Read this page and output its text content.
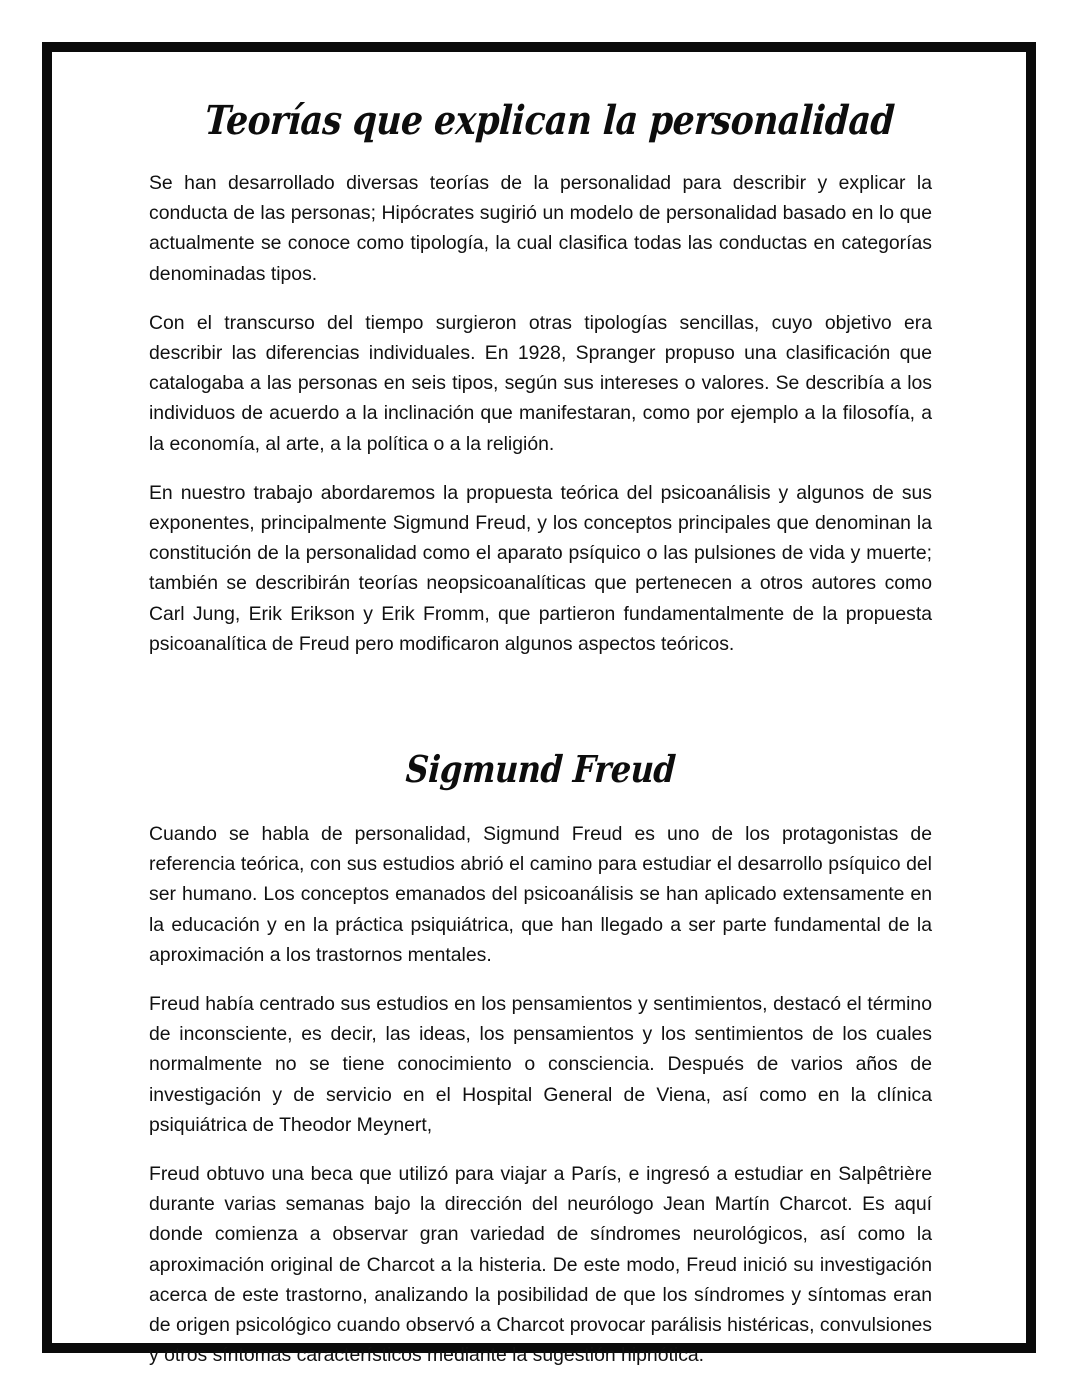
Teorías que explican la personalidad

Se han desarrollado diversas teorías de la personalidad para describir y explicar la conducta de las personas; Hipócrates sugirió un modelo de personalidad basado en lo que actualmente se conoce como tipología, la cual clasifica todas las conductas en categorías denominadas tipos.

Con el transcurso del tiempo surgieron otras tipologías sencillas, cuyo objetivo era describir las diferencias individuales. En 1928, Spranger propuso una clasificación que catalogaba a las personas en seis tipos, según sus intereses o valores. Se describía a los individuos de acuerdo a la inclinación que manifestaran, como por ejemplo a la filosofía, a la economía, al arte, a la política o a la religión.

En nuestro trabajo abordaremos la propuesta teórica del psicoanálisis y algunos de sus exponentes, principalmente Sigmund Freud, y los conceptos principales que denominan la constitución de la personalidad como el aparato psíquico o las pulsiones de vida y muerte; también se describirán teorías neopsicoanalíticas que pertenecen a otros autores como Carl Jung, Erik Erikson y Erik Fromm, que partieron fundamentalmente de la propuesta psicoanalítica de Freud pero modificaron algunos aspectos teóricos.

Sigmund Freud

Cuando se habla de personalidad, Sigmund Freud es uno de los protagonistas de referencia teórica, con sus estudios abrió el camino para estudiar el desarrollo psíquico del ser humano. Los conceptos emanados del psicoanálisis se han aplicado extensamente en la educación y en la práctica psiquiátrica, que han llegado a ser parte fundamental de la aproximación a los trastornos mentales.

Freud había centrado sus estudios en los pensamientos y sentimientos, destacó el término de inconsciente, es decir, las ideas, los pensamientos y los sentimientos de los cuales normalmente no se tiene conocimiento o consciencia. Después de varios años de investigación y de servicio en el Hospital General de Viena, así como en la clínica psiquiátrica de Theodor Meynert,

Freud obtuvo una beca que utilizó para viajar a París, e ingresó a estudiar en Salpêtrière durante varias semanas bajo la dirección del neurólogo Jean Martín Charcot. Es aquí donde comienza a observar gran variedad de síndromes neurológicos, así como la aproximación original de Charcot a la histeria. De este modo, Freud inició su investigación acerca de este trastorno, analizando la posibilidad de que los síndromes y síntomas eran de origen psicológico cuando observó a Charcot provocar parálisis histéricas, convulsiones y otros síntomas característicos mediante la sugestión hipnótica.
